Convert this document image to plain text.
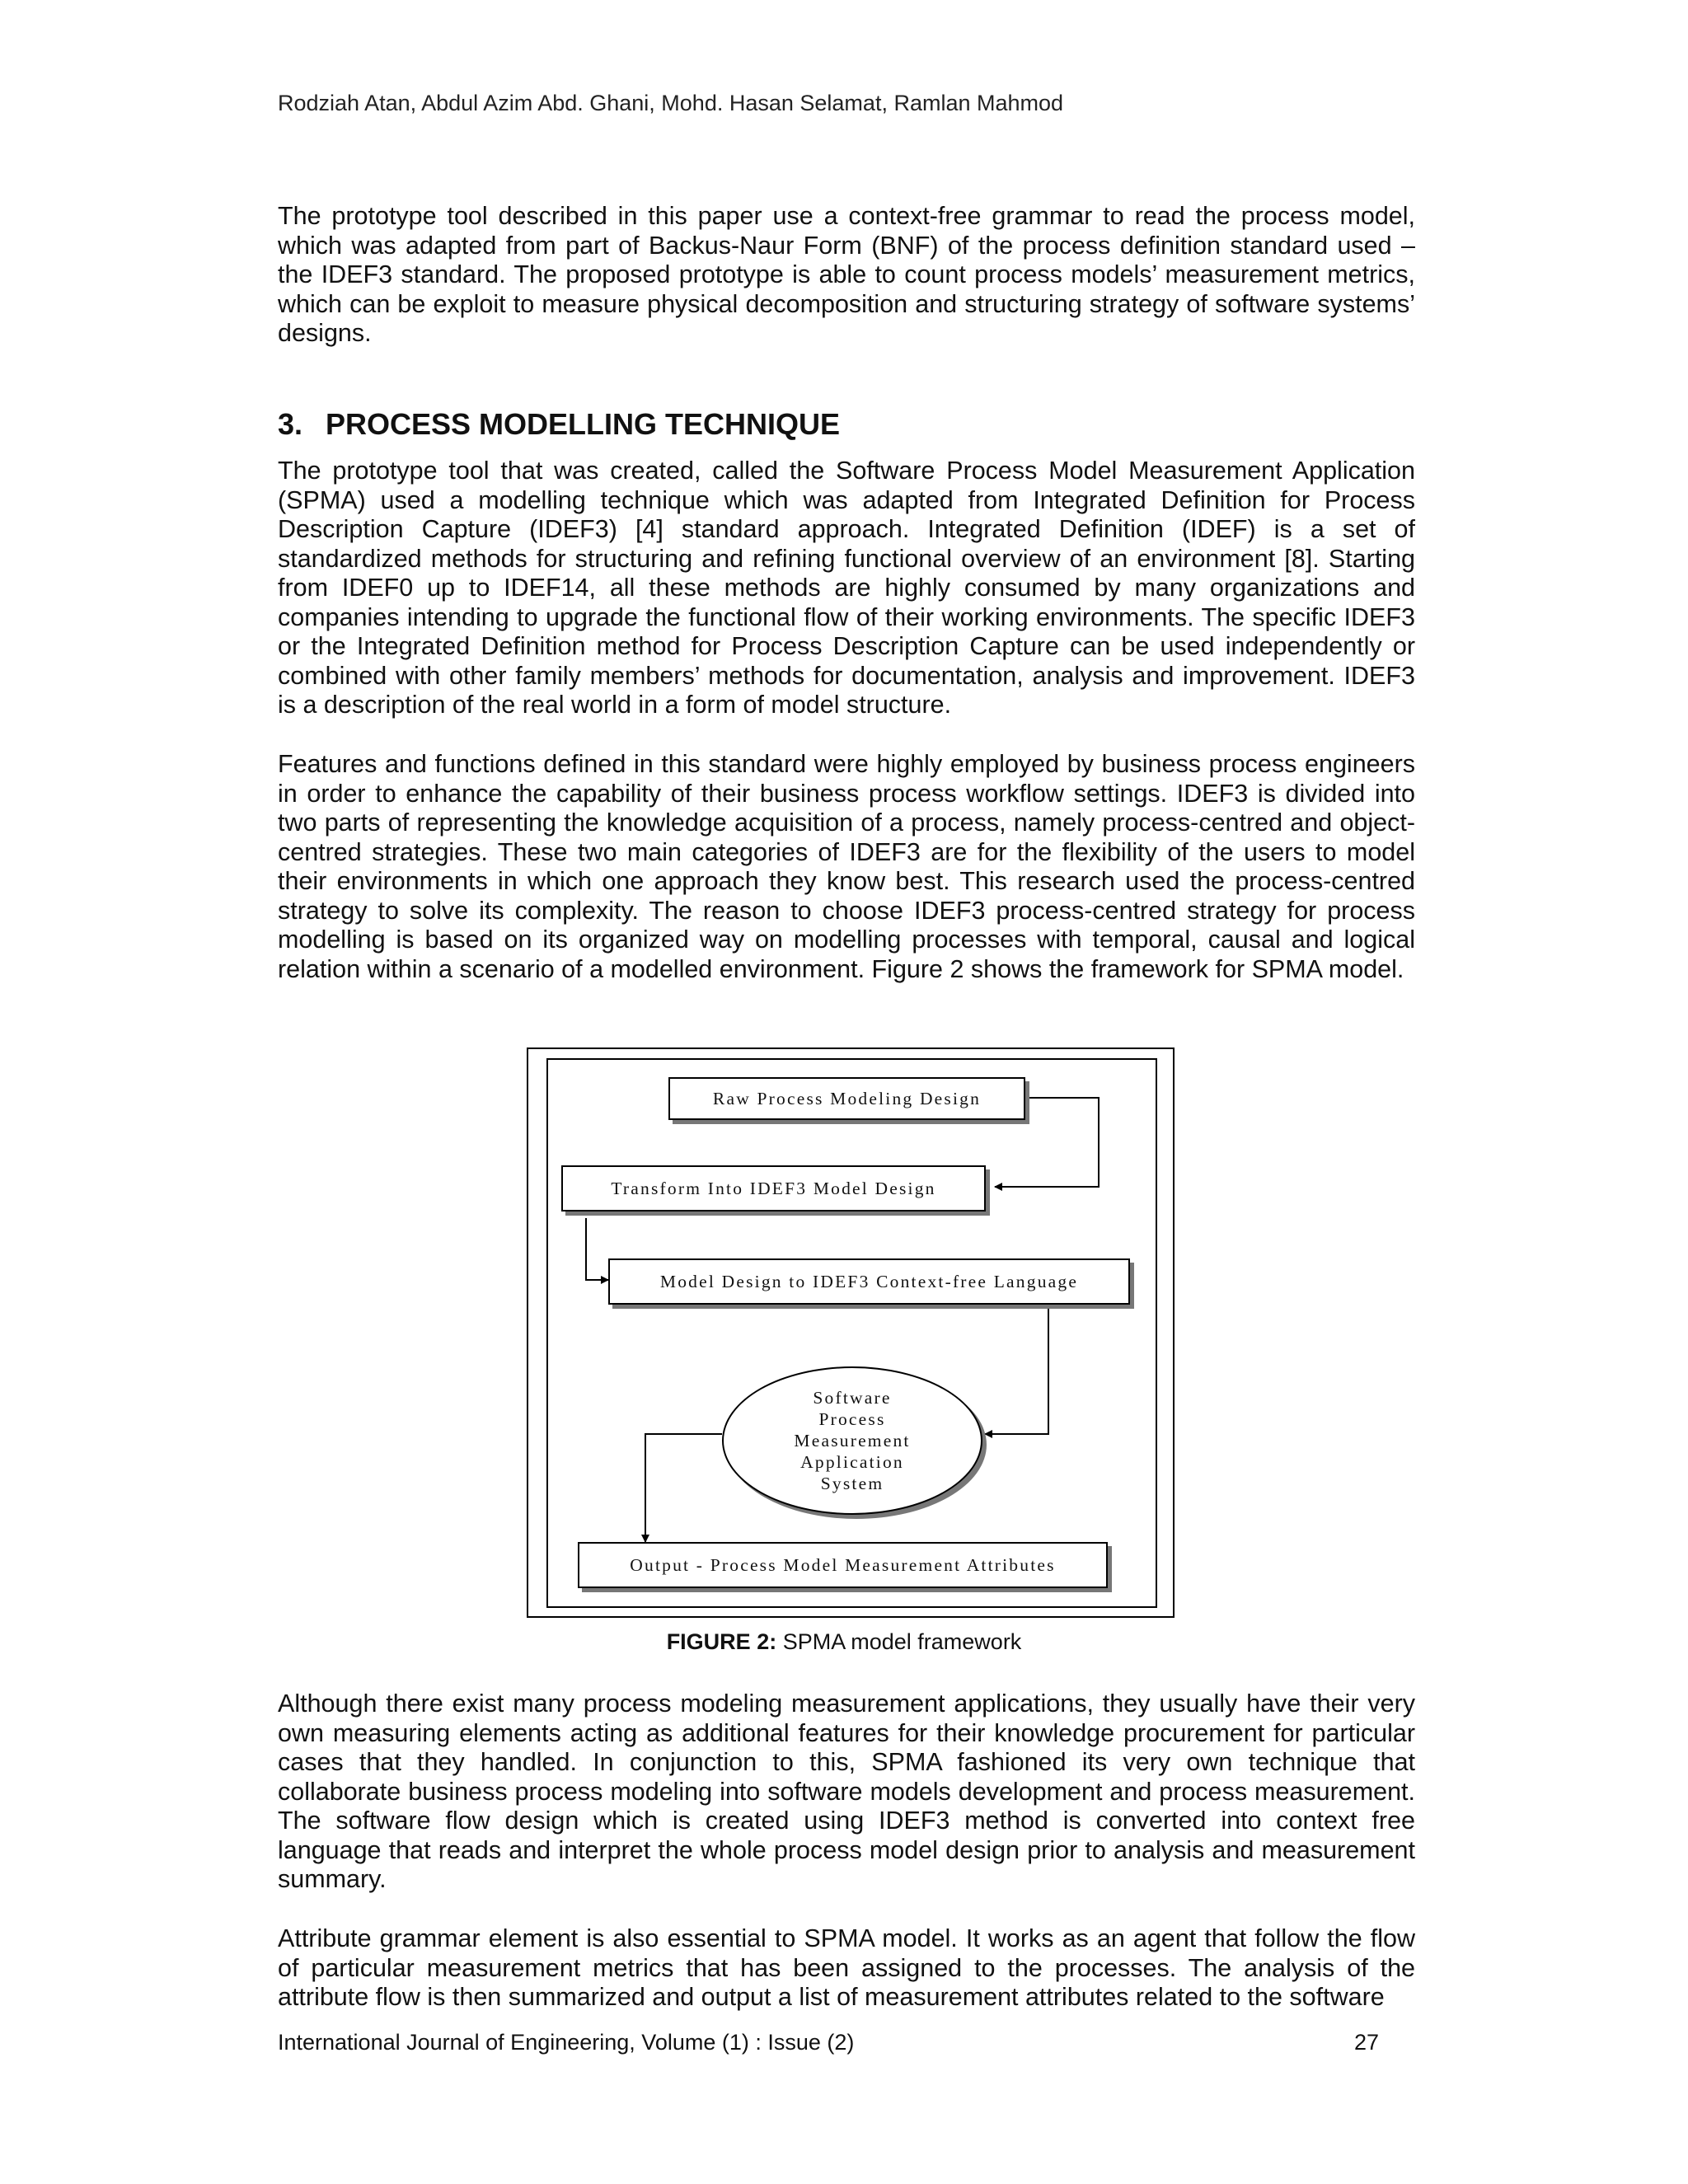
Rodziah Atan, Abdul Azim Abd. Ghani, Mohd. Hasan Selamat, Ramlan Mahmod

The prototype tool described in this paper use a context-free grammar to read the process model, which was adapted from part of Backus-Naur Form (BNF) of the process definition standard used – the IDEF3 standard. The proposed prototype is able to count process models’ measurement metrics, which can be exploit to measure physical decomposition and structuring strategy of software systems’ designs.

3. PROCESS MODELLING TECHNIQUE

The prototype tool that was created, called the Software Process Model Measurement Application (SPMA) used a modelling technique which was adapted from Integrated Definition for Process Description Capture (IDEF3) [4] standard approach. Integrated Definition (IDEF) is a set of standardized methods for structuring and refining functional overview of an environment [8]. Starting from IDEF0 up to IDEF14, all these methods are highly consumed by many organizations and companies intending to upgrade the functional flow of their working environments. The specific IDEF3 or the Integrated Definition method for Process Description Capture can be used independently or combined with other family members’ methods for documentation, analysis and improvement. IDEF3 is a description of the real world in a form of model structure.

Features and functions defined in this standard were highly employed by business process engineers in order to enhance the capability of their business process workflow settings. IDEF3 is divided into two parts of representing the knowledge acquisition of a process, namely process-centred and object-centred strategies. These two main categories of IDEF3 are for the flexibility of the users to model their environments in which one approach they know best. This research used the process-centred strategy to solve its complexity. The reason to choose IDEF3 process-centred strategy for process modelling is based on its organized way on modelling processes with temporal, causal and logical relation within a scenario of a modelled environment. Figure 2 shows the framework for SPMA model.

Raw Process Modeling Design
Transform Into IDEF3 Model Design
Model Design to IDEF3 Context-free Language
Software
Process
Measurement
Application
System
Output - Process Model Measurement Attributes
FIGURE 2: SPMA model framework

Although there exist many process modeling measurement applications, they usually have their very own measuring elements acting as additional features for their knowledge procurement for particular cases that they handled. In conjunction to this, SPMA fashioned its very own technique that collaborate business process modeling into software models development and process measurement. The software flow design which is created using IDEF3 method is converted into context free language that reads and interpret the whole process model design prior to analysis and measurement summary.

Attribute grammar element is also essential to SPMA model. It works as an agent that follow the flow of particular measurement metrics that has been assigned to the processes. The analysis of the attribute flow is then summarized and output a list of measurement attributes related to the software

International Journal of Engineering, Volume (1) : Issue (2)	27
